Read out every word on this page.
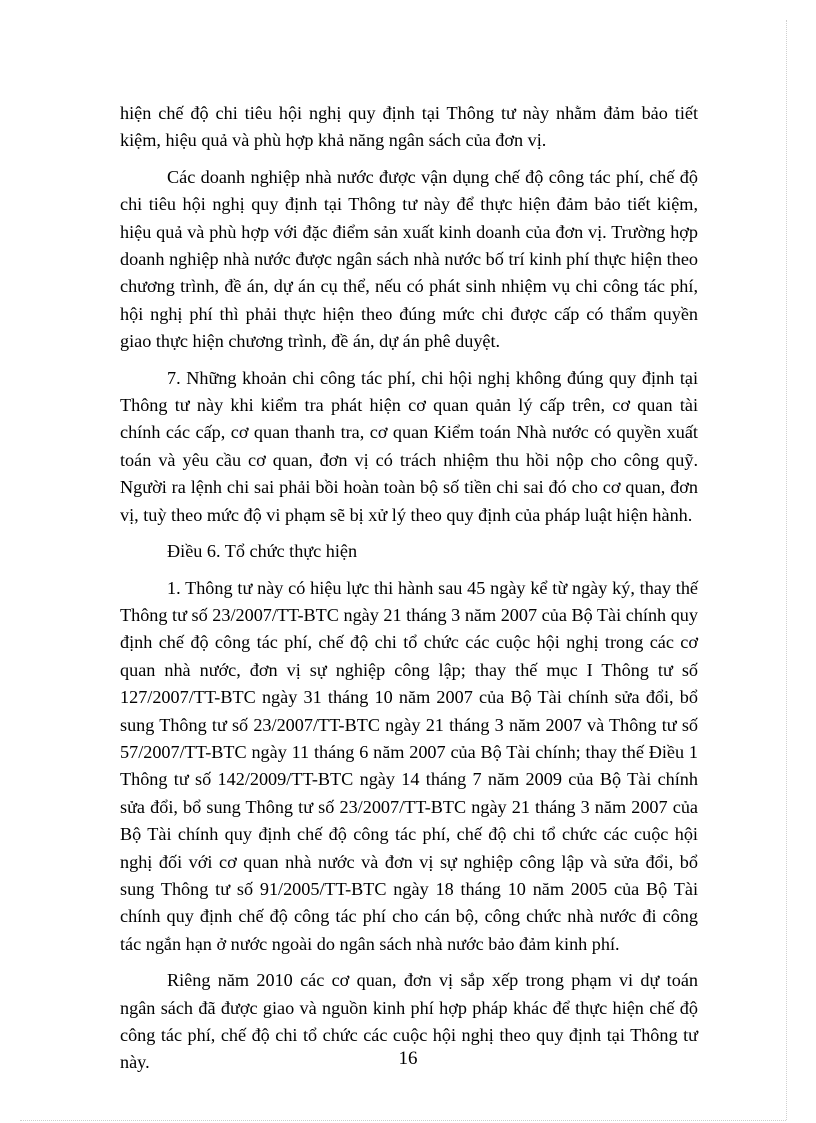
hiện chế độ chi tiêu hội nghị quy định tại Thông tư này nhằm đảm bảo tiết kiệm, hiệu quả và phù hợp khả năng ngân sách của đơn vị.

Các doanh nghiệp nhà nước được vận dụng chế độ công tác phí, chế độ chi tiêu hội nghị quy định tại Thông tư này để thực hiện đảm bảo tiết kiệm, hiệu quả và phù hợp với đặc điểm sản xuất kinh doanh của đơn vị. Trường hợp doanh nghiệp nhà nước được ngân sách nhà nước bố trí kinh phí thực hiện theo chương trình, đề án, dự án cụ thể, nếu có phát sinh nhiệm vụ chi công tác phí, hội nghị phí thì phải thực hiện theo đúng mức chi được cấp có thẩm quyền giao thực hiện chương trình, đề án, dự án phê duyệt.

7. Những khoản chi công tác phí, chi hội nghị không đúng quy định tại Thông tư này khi kiểm tra phát hiện cơ quan quản lý cấp trên, cơ quan tài chính các cấp, cơ quan thanh tra, cơ quan Kiểm toán Nhà nước có quyền xuất toán và yêu cầu cơ quan, đơn vị có trách nhiệm thu hồi nộp cho công quỹ. Người ra lệnh chi sai phải bồi hoàn toàn bộ số tiền chi sai đó cho cơ quan, đơn vị, tuỳ theo mức độ vi phạm sẽ bị xử lý theo quy định của pháp luật hiện hành.

Điều 6. Tổ chức thực hiện

1. Thông tư này có hiệu lực thi hành sau 45 ngày kể từ ngày ký, thay thế Thông tư số 23/2007/TT-BTC ngày 21 tháng 3 năm 2007 của Bộ Tài chính quy định chế độ công tác phí, chế độ chi tổ chức các cuộc hội nghị trong các cơ quan nhà nước, đơn vị sự nghiệp công lập; thay thế mục I Thông tư số 127/2007/TT-BTC ngày 31 tháng 10 năm 2007 của Bộ Tài chính sửa đổi, bổ sung Thông tư số 23/2007/TT-BTC ngày 21 tháng 3 năm 2007 và Thông tư số 57/2007/TT-BTC ngày 11 tháng 6 năm 2007 của Bộ Tài chính; thay thế Điều 1 Thông tư số 142/2009/TT-BTC ngày 14 tháng 7 năm 2009 của Bộ Tài chính sửa đổi, bổ sung Thông tư số 23/2007/TT-BTC ngày 21 tháng 3 năm 2007 của Bộ Tài chính quy định chế độ công tác phí, chế độ chi tổ chức các cuộc hội nghị đối với cơ quan nhà nước và đơn vị sự nghiệp công lập và sửa đổi, bổ sung Thông tư số 91/2005/TT-BTC ngày 18 tháng 10 năm 2005 của Bộ Tài chính quy định chế độ công tác phí cho cán bộ, công chức nhà nước đi công tác ngắn hạn ở nước ngoài do ngân sách nhà nước bảo đảm kinh phí.

Riêng năm 2010 các cơ quan, đơn vị sắp xếp trong phạm vi dự toán ngân sách đã được giao và nguồn kinh phí hợp pháp khác để thực hiện chế độ công tác phí, chế độ chi tổ chức các cuộc hội nghị theo quy định tại Thông tư này.	16
